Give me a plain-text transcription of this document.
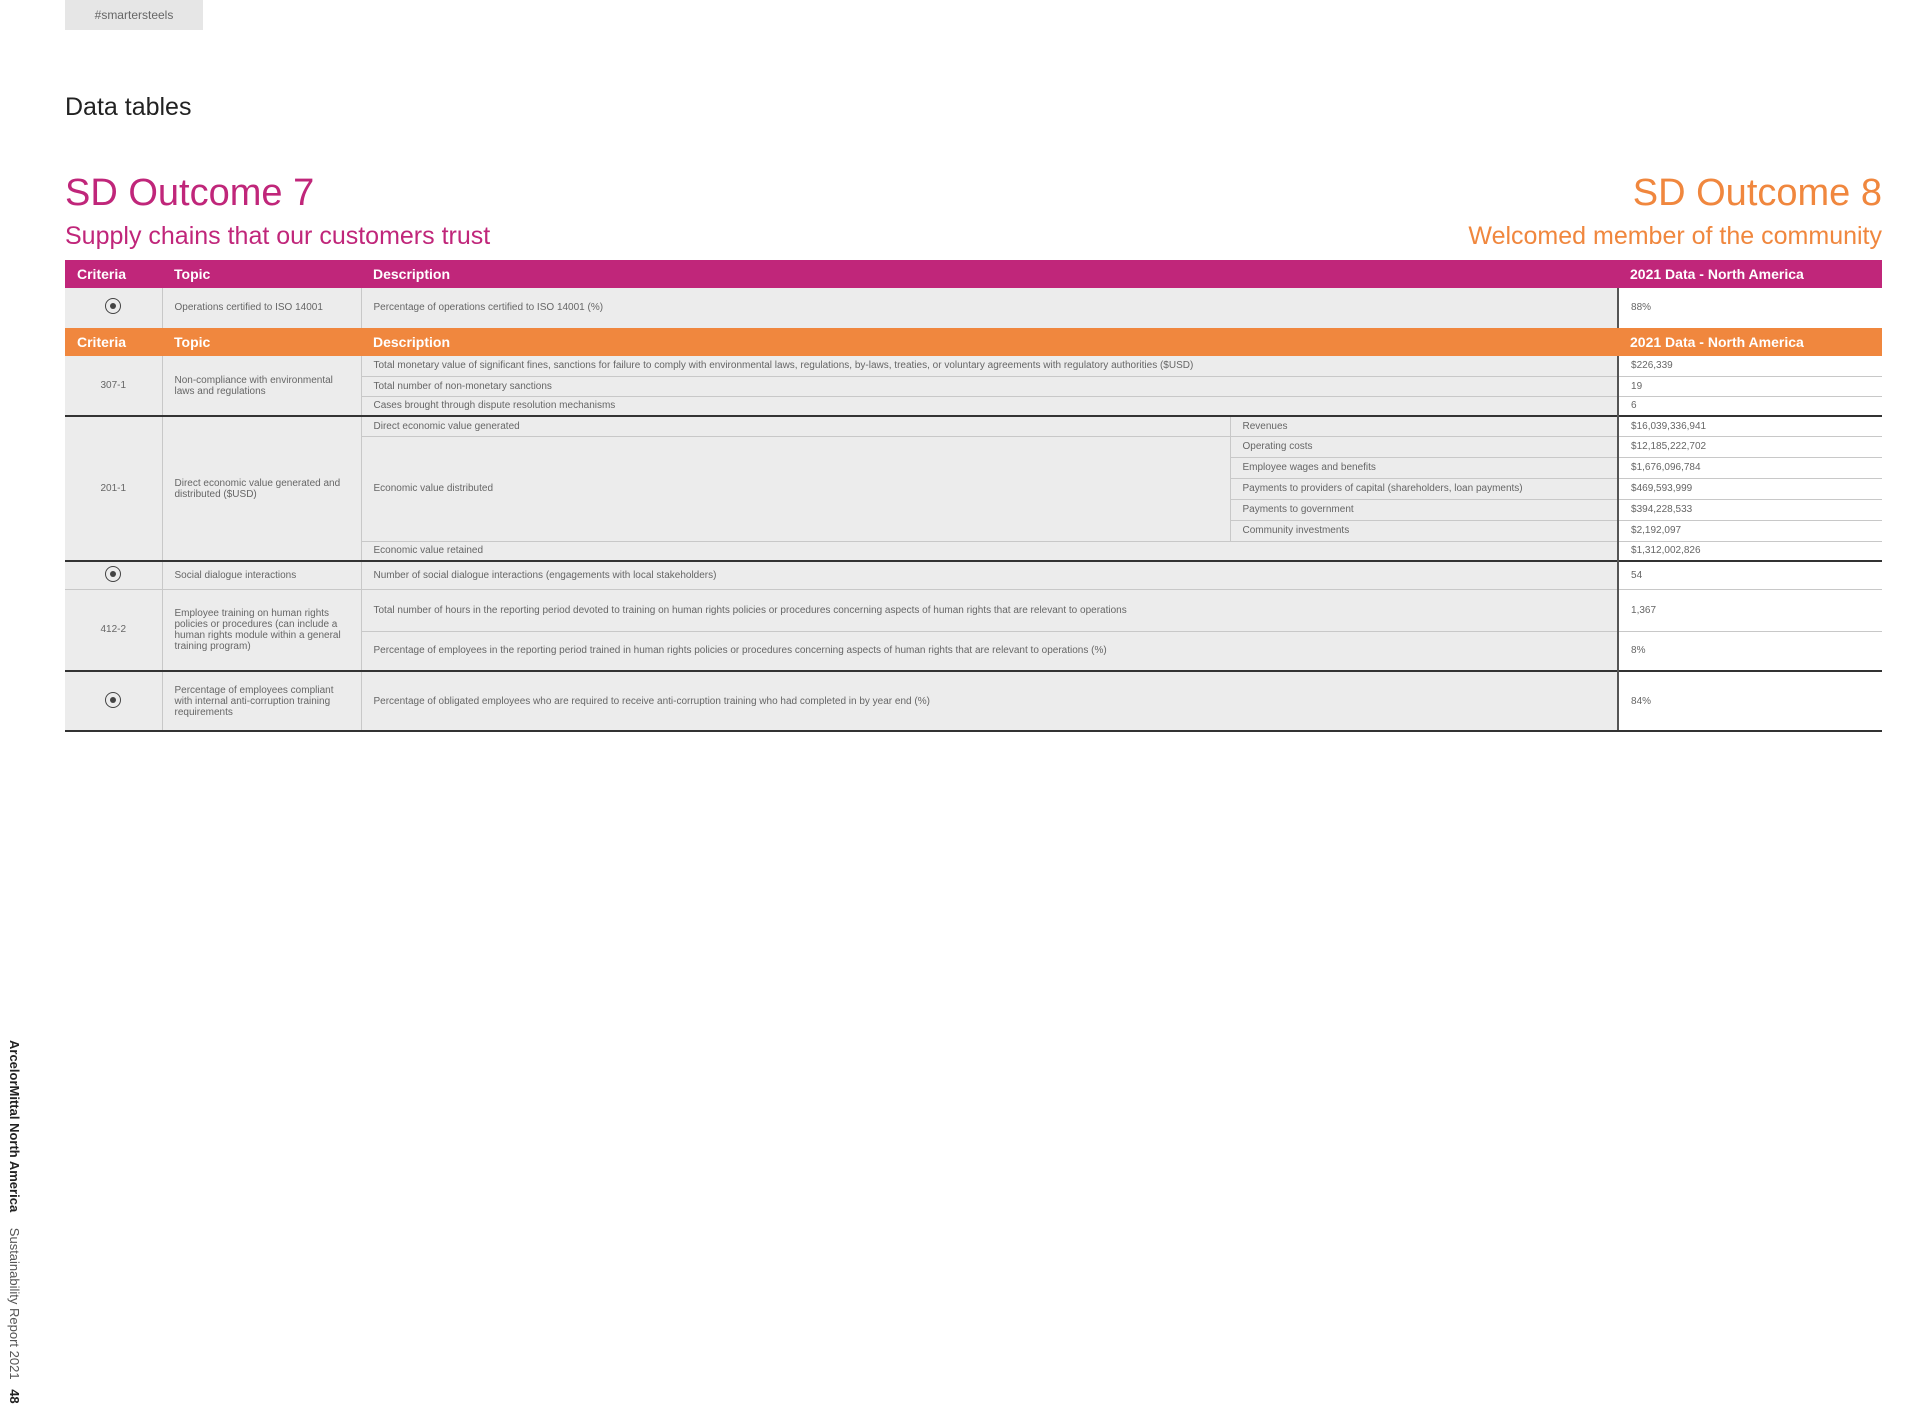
#smartersteels
Data tables
SD Outcome 7
Supply chains that our customers trust
SD Outcome 8
Welcomed member of the community
Criteria	Topic	Description	2021 Data - North America
	Operations certified to ISO 14001	Percentage of operations certified to ISO 14001 (%)	88%
Criteria	Topic	Description		2021 Data - North America
307-1	Non-compliance with environmental laws and regulations	Total monetary value of significant fines, sanctions for failure to comply with environmental laws, regulations, by-laws, treaties, or voluntary agreements with regulatory authorities ($USD)		$226,339
		Total number of non-monetary sanctions		19
		Cases brought through dispute resolution mechanisms		6
201-1	Direct economic value generated and distributed ($USD)	Direct economic value generated	Revenues	$16,039,336,941
		Economic value distributed	Operating costs	$12,185,222,702
			Employee wages and benefits	$1,676,096,784
			Payments to providers of capital (shareholders, loan payments)	$469,593,999
			Payments to government	$394,228,533
			Community investments	$2,192,097
		Economic value retained		$1,312,002,826
	Social dialogue interactions	Number of social dialogue interactions (engagements with local stakeholders)		54
412-2	Employee training on human rights policies or procedures (can include a human rights module within a general training program)	Total number of hours in the reporting period devoted to training on human rights policies or procedures concerning aspects of human rights that are relevant to operations		1,367
		Percentage of employees in the reporting period trained in human rights policies or procedures concerning aspects of human rights that are relevant to operations (%)		8%
	Percentage of employees compliant with internal anti-corruption training requirements	Percentage of obligated employees who are required to receive anti-corruption training who had completed in by year end (%)		84%
ArcelorMittal North America Sustainability Report 2021 48
